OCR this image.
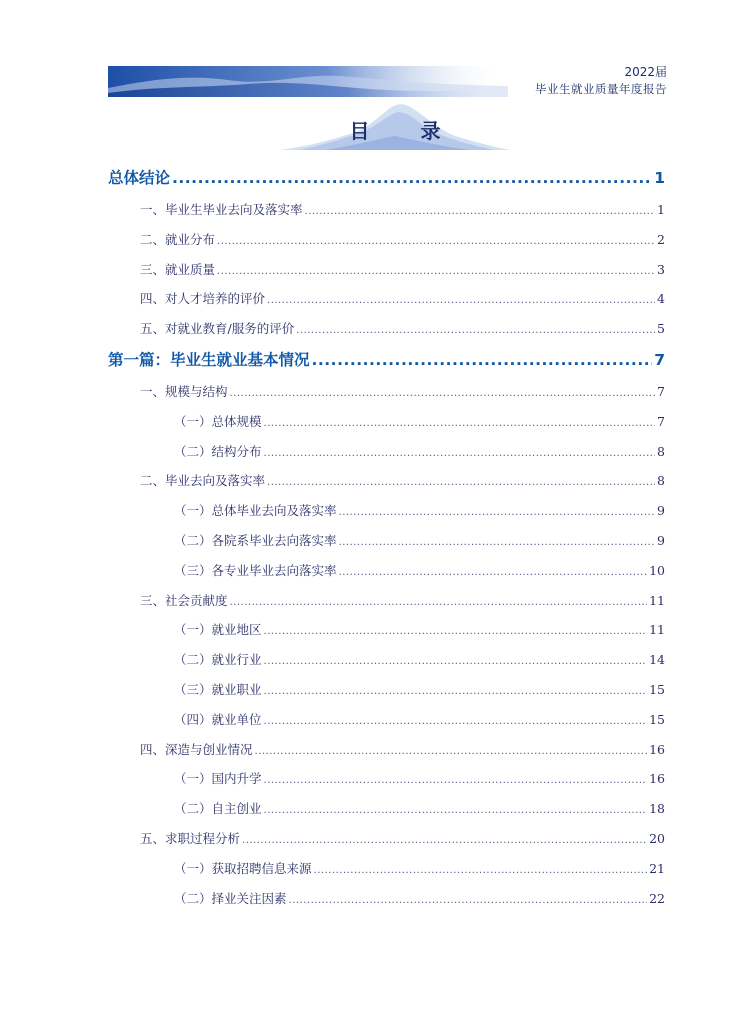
2022届
毕业生就业质量年度报告
目 录
总体结论 .....	1
一、毕业生毕业去向及落实率 .....	1
二、就业分布 .....	2
三、就业质量 .....	3
四、对人才培养的评价 .....	4
五、对就业教育/服务的评价 .....	5
第一篇：毕业生就业基本情况 .....	7
一、规模与结构 .....	7
（一）总体规模 .....	7
（二）结构分布 .....	8
二、毕业去向及落实率 .....	8
（一）总体毕业去向及落实率 .....	9
（二）各院系毕业去向落实率 .....	9
（三）各专业毕业去向落实率 .....	10
三、社会贡献度 .....	11
（一）就业地区 .....	11
（二）就业行业 .....	14
（三）就业职业 .....	15
（四）就业单位 .....	15
四、深造与创业情况 .....	16
（一）国内升学 .....	16
（二）自主创业 .....	18
五、求职过程分析 .....	20
（一）获取招聘信息来源 .....	21
（二）择业关注因素 .....	22
